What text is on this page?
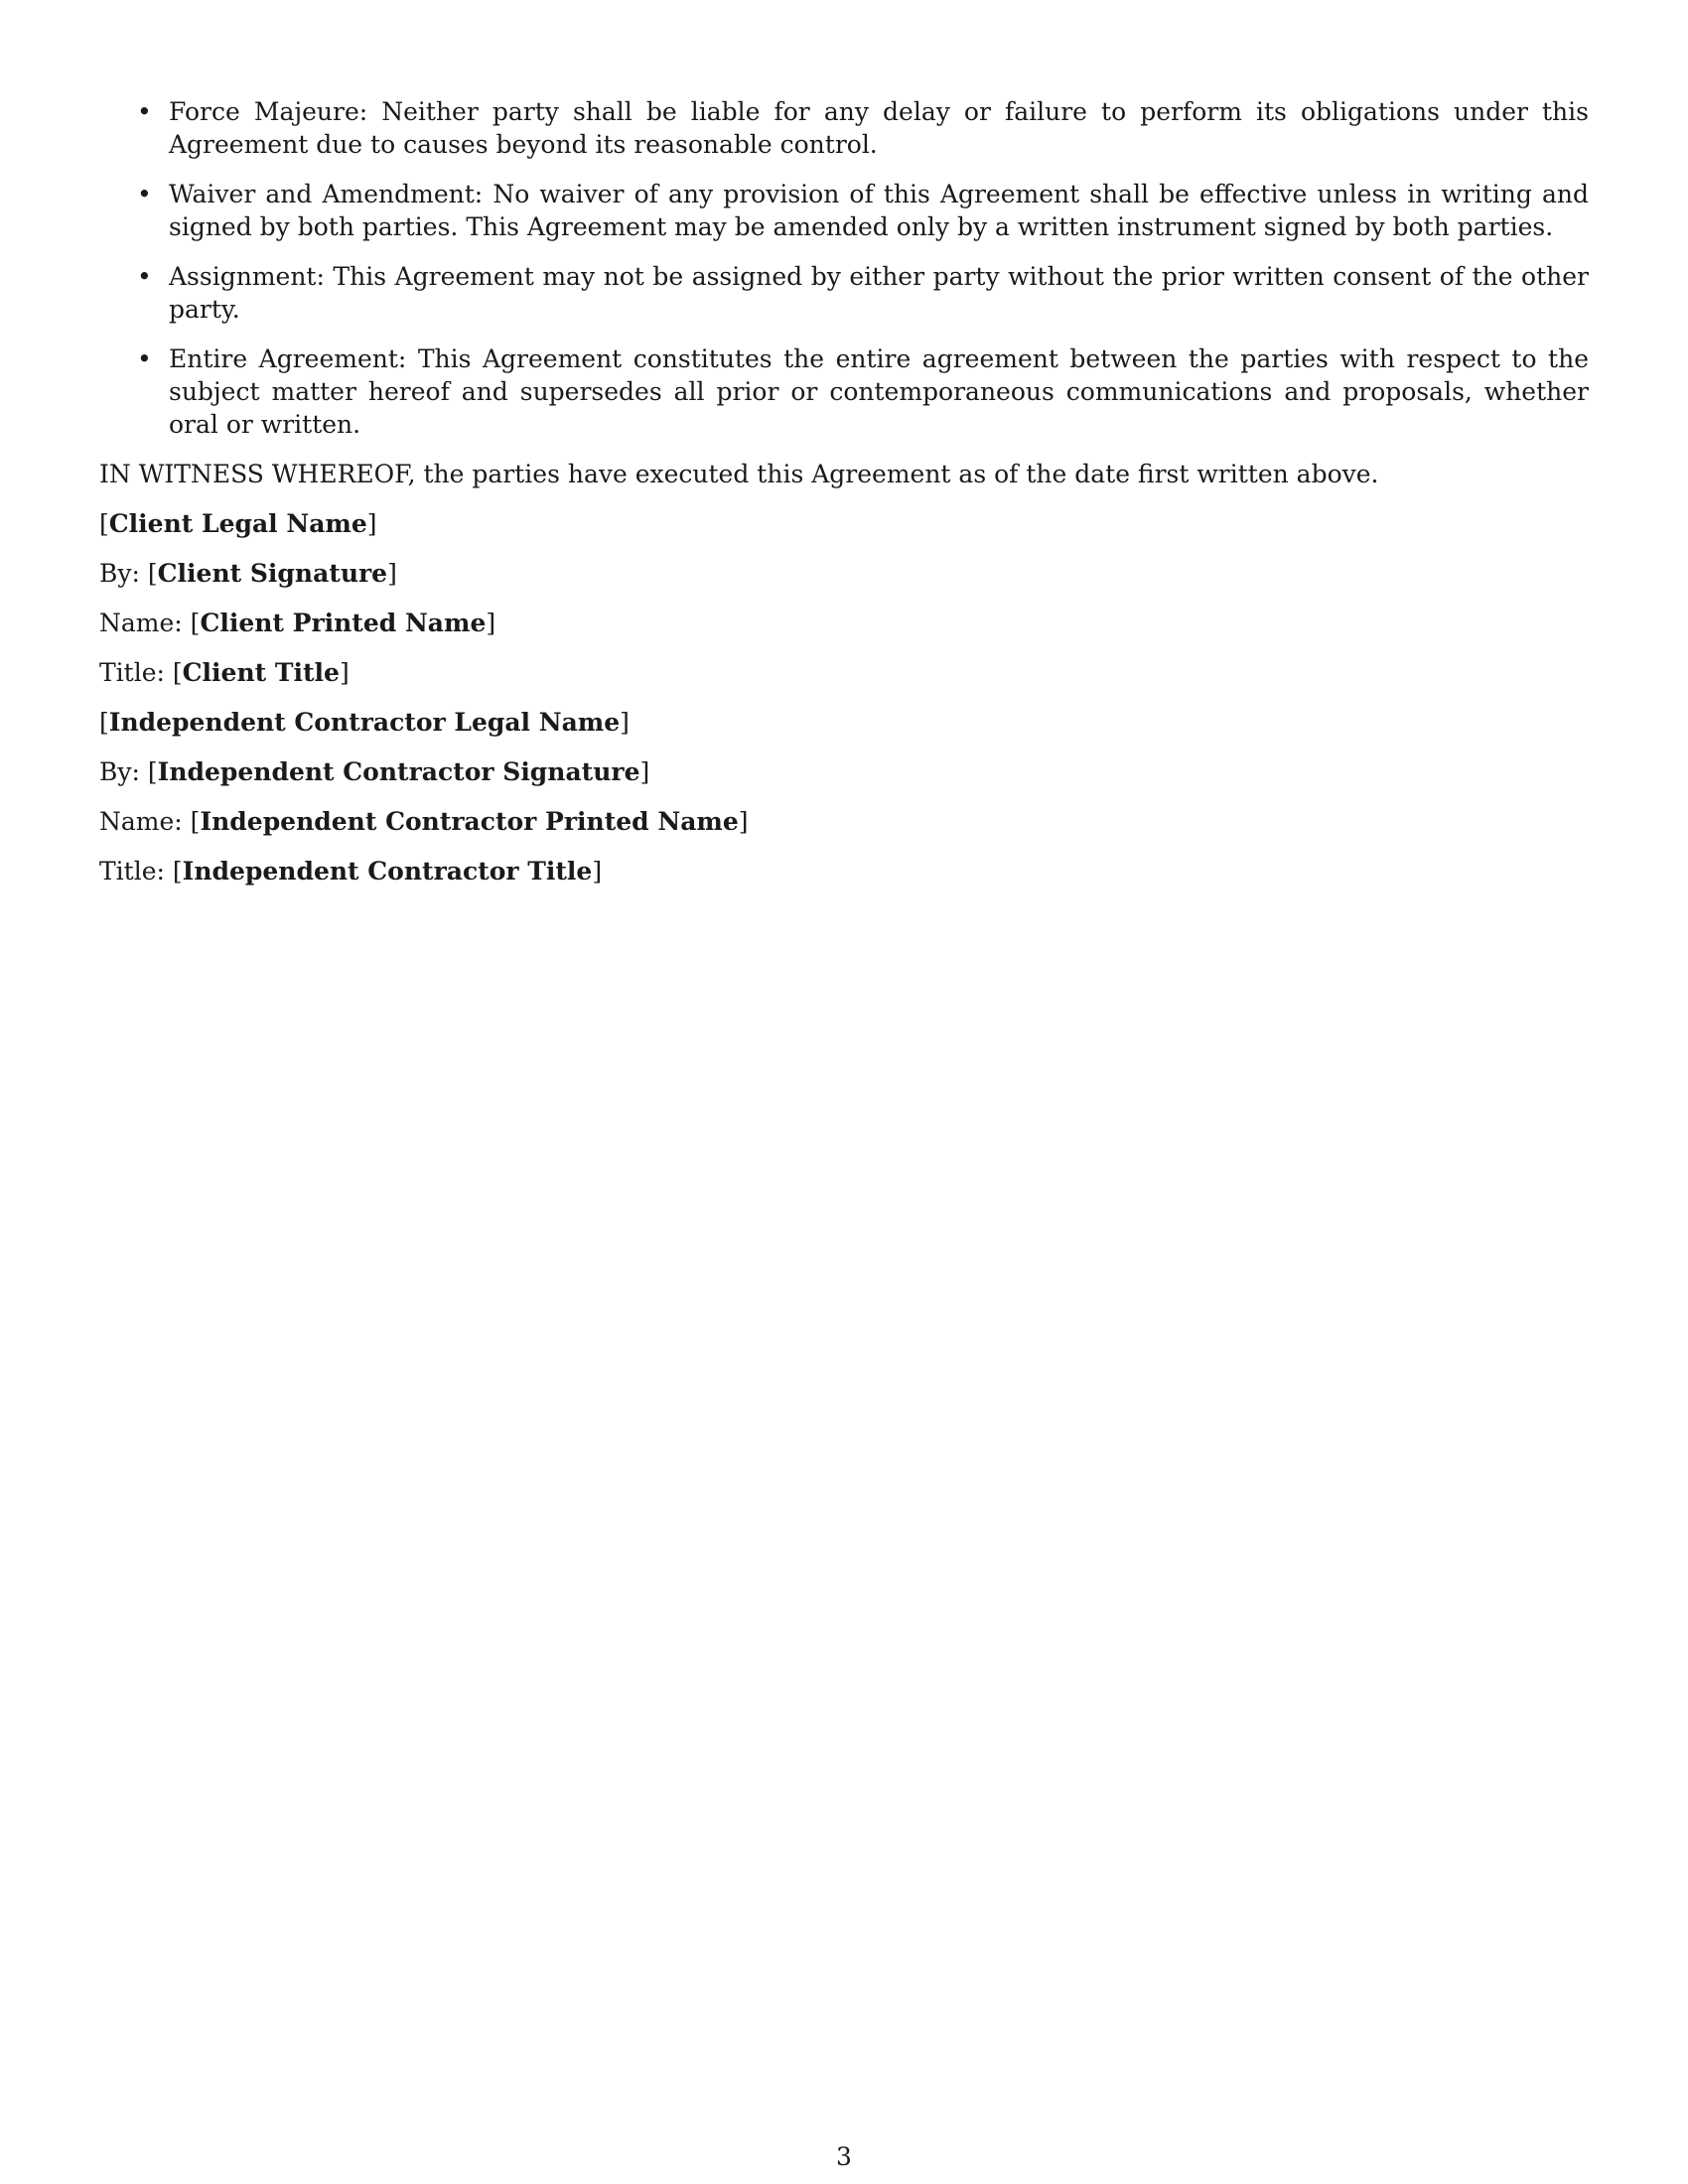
• Force Majeure: Neither party shall be liable for any delay or failure to perform its obligations under this Agreement due to causes beyond its reasonable control.
• Waiver and Amendment: No waiver of any provision of this Agreement shall be effective unless in writing and signed by both parties. This Agreement may be amended only by a written instrument signed by both parties.
• Assignment: This Agreement may not be assigned by either party without the prior written consent of the other party.
• Entire Agreement: This Agreement constitutes the entire agreement between the parties with respect to the subject matter hereof and supersedes all prior or contemporaneous communications and proposals, whether oral or written.

IN WITNESS WHEREOF, the parties have executed this Agreement as of the date first written above.

[Client Legal Name]

By: [Client Signature]

Name: [Client Printed Name]

Title: [Client Title]

[Independent Contractor Legal Name]

By: [Independent Contractor Signature]

Name: [Independent Contractor Printed Name]

Title: [Independent Contractor Title]

3
